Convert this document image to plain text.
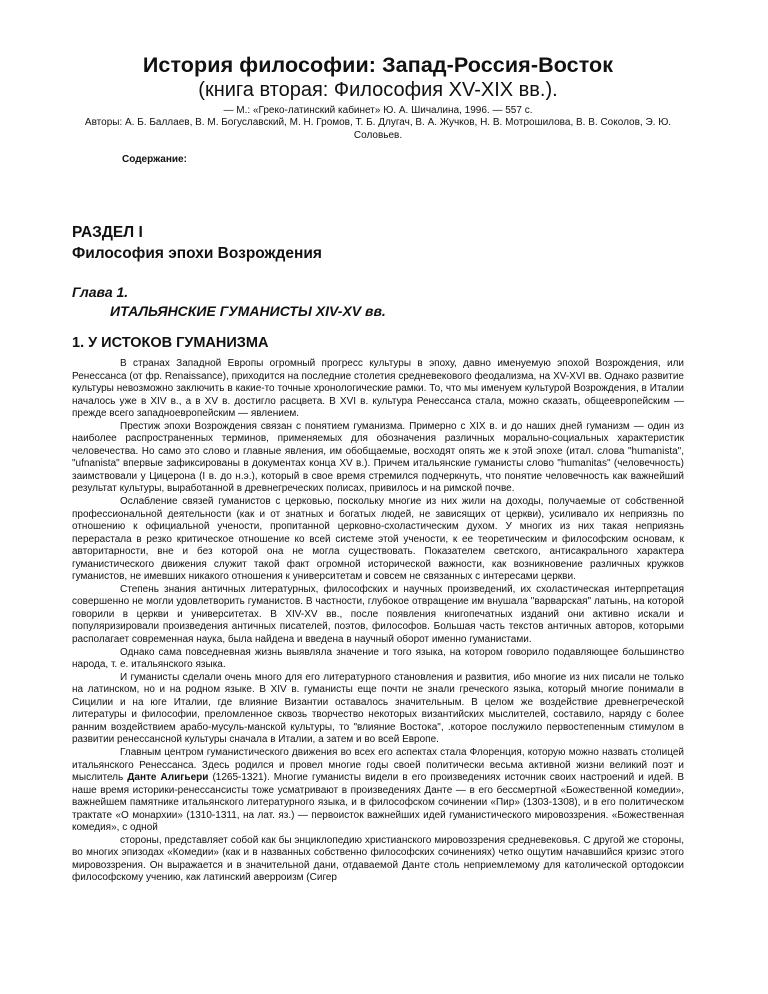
История философии: Запад-Россия-Восток
(книга вторая: Философия XV-XIX вв.).
— М.: «Греко-латинский кабинет» Ю. А. Шичалина, 1996. — 557 с.
Авторы: А. Б. Баллаев, В. М. Богуславский, М. Н. Громов, Т. Б. Длугач, В. А. Жучков, Н. В. Мотрошилова, В. В. Соколов, Э. Ю. Соловьев.
Содержание:
РАЗДЕЛ I
Философия эпохи Возрождения
Глава 1.
ИТАЛЬЯНСКИЕ ГУМАНИСТЫ XIV-XV вв.
1. У ИСТОКОВ ГУМАНИЗМА

В странах Западной Европы огромный прогресс культуры в эпоху, давно именуемую эпохой Возрождения, или Ренессанса (от фр. Renaissance), приходится на последние столетия средневекового феодализма, на XV-XVI вв. Однако развитие культуры невозможно заключить в какие-то точные хронологические рамки. То, что мы именуем культурой Возрождения, в Италии началось уже в XIV в., а в XV в. достигло расцвета. В XVI в. культура Ренессанса стала, можно сказать, общеевропейским — прежде всего западноевропейским — явлением.

Престиж эпохи Возрождения связан с понятием гуманизма. Примерно с XIX в. и до наших дней гуманизм — один из наиболее распространенных терминов, применяемых для обозначения различных морально-социальных характеристик человечества. Но само это слово и главные явления, им обобщаемые, восходят опять же к этой эпохе (итал. слова "humanista", "ufnanista" впервые зафиксированы в документах конца XV в.). Причем итальянские гуманисты слово "humanitas" (человечность) заимствовали у Цицерона (I в. до н.э.), который в свое время стремился подчеркнуть, что понятие человечность как важнейший результат культуры, выработанной в древнегреческих полисах, привилось и на римской почве.

Ослабление связей гуманистов с церковью, поскольку многие из них жили на доходы, получаемые от собственной профессиональной деятельности (как и от знатных и богатых людей, не зависящих от церкви), усиливало их неприязнь по отношению к официальной учености, пропитанной церковно-схоластическим духом. У многих из них такая неприязнь перерастала в резко критическое отношение ко всей системе этой учености, к ее теоретическим и философским основам, к авторитарности, вне и без которой она не могла существовать. Показателем светского, антисакрального характера гуманистического движения служит такой факт огромной исторической важности, как возникновение различных кружков гуманистов, не имевших никакого отношения к университетам и совсем не связанных с интересами церкви.

Степень знания античных литературных, философских и научных произведений, их схоластическая интерпретация совершенно не могли удовлетворить гуманистов. В частности, глубокое отвращение им внушала "варварская" латынь, на которой говорили в церкви и университетах. В XIV-XV вв., после появления книгопечатных изданий они активно искали и популяризировали произведения античных писателей, поэтов, философов. Большая часть текстов античных авторов, которыми располагает современная наука, была найдена и введена в научный оборот именно гуманистами.

Однако сама повседневная жизнь выявляла значение и того языка, на котором говорило подавляющее большинство народа, т. е. итальянского языка.

И гуманисты сделали очень много для его литературного становления и развития, ибо многие из них писали не только на латинском, но и на родном языке. В XIV в. гуманисты еще почти не знали греческого языка, который многие понимали в Сицилии и на юге Италии, где влияние Византии оставалось значительным. В целом же воздействие древнегреческой литературы и философии, преломленное сквозь творчество некоторых византийских мыслителей, составило, наряду с более ранним воздействием арабо-мусуль-манской культуры, то "влияние Востока", .которое послужило первостепенным стимулом в развитии ренессансной культуры сначала в Италии, а затем и во всей Европе.

Главным центром гуманистического движения во всех его аспектах стала Флоренция, которую можно назвать столицей итальянского Ренессанса. Здесь родился и провел многие годы своей политически весьма активной жизни великий поэт и мыслитель Данте Алигьери (1265-1321). Многие гуманисты видели в его произведениях источник своих настроений и идей. В наше время историки-ренессансисты тоже усматривают в произведениях Данте — в его бессмертной «Божественной комедии», важнейшем памятнике итальянского литературного языка, и в философском сочинении «Пир» (1303-1308), и в его политическом трактате «О монархии» (1310-1311, на лат. яз.) — первоисток важнейших идей гуманистического мировоззрения. «Божественная комедия», с одной

стороны, представляет собой как бы энциклопедию христианского мировоззрения средневековья. С другой же стороны, во многих эпизодах «Комедии» (как и в названных собственно философских сочинениях) четко ощутим начавшийся кризис этого мировоззрения. Он выражается и в значительной дани, отдаваемой Данте столь неприемлемому для католической ортодоксии философскому учению, как латинский аверроизм (Сигер
